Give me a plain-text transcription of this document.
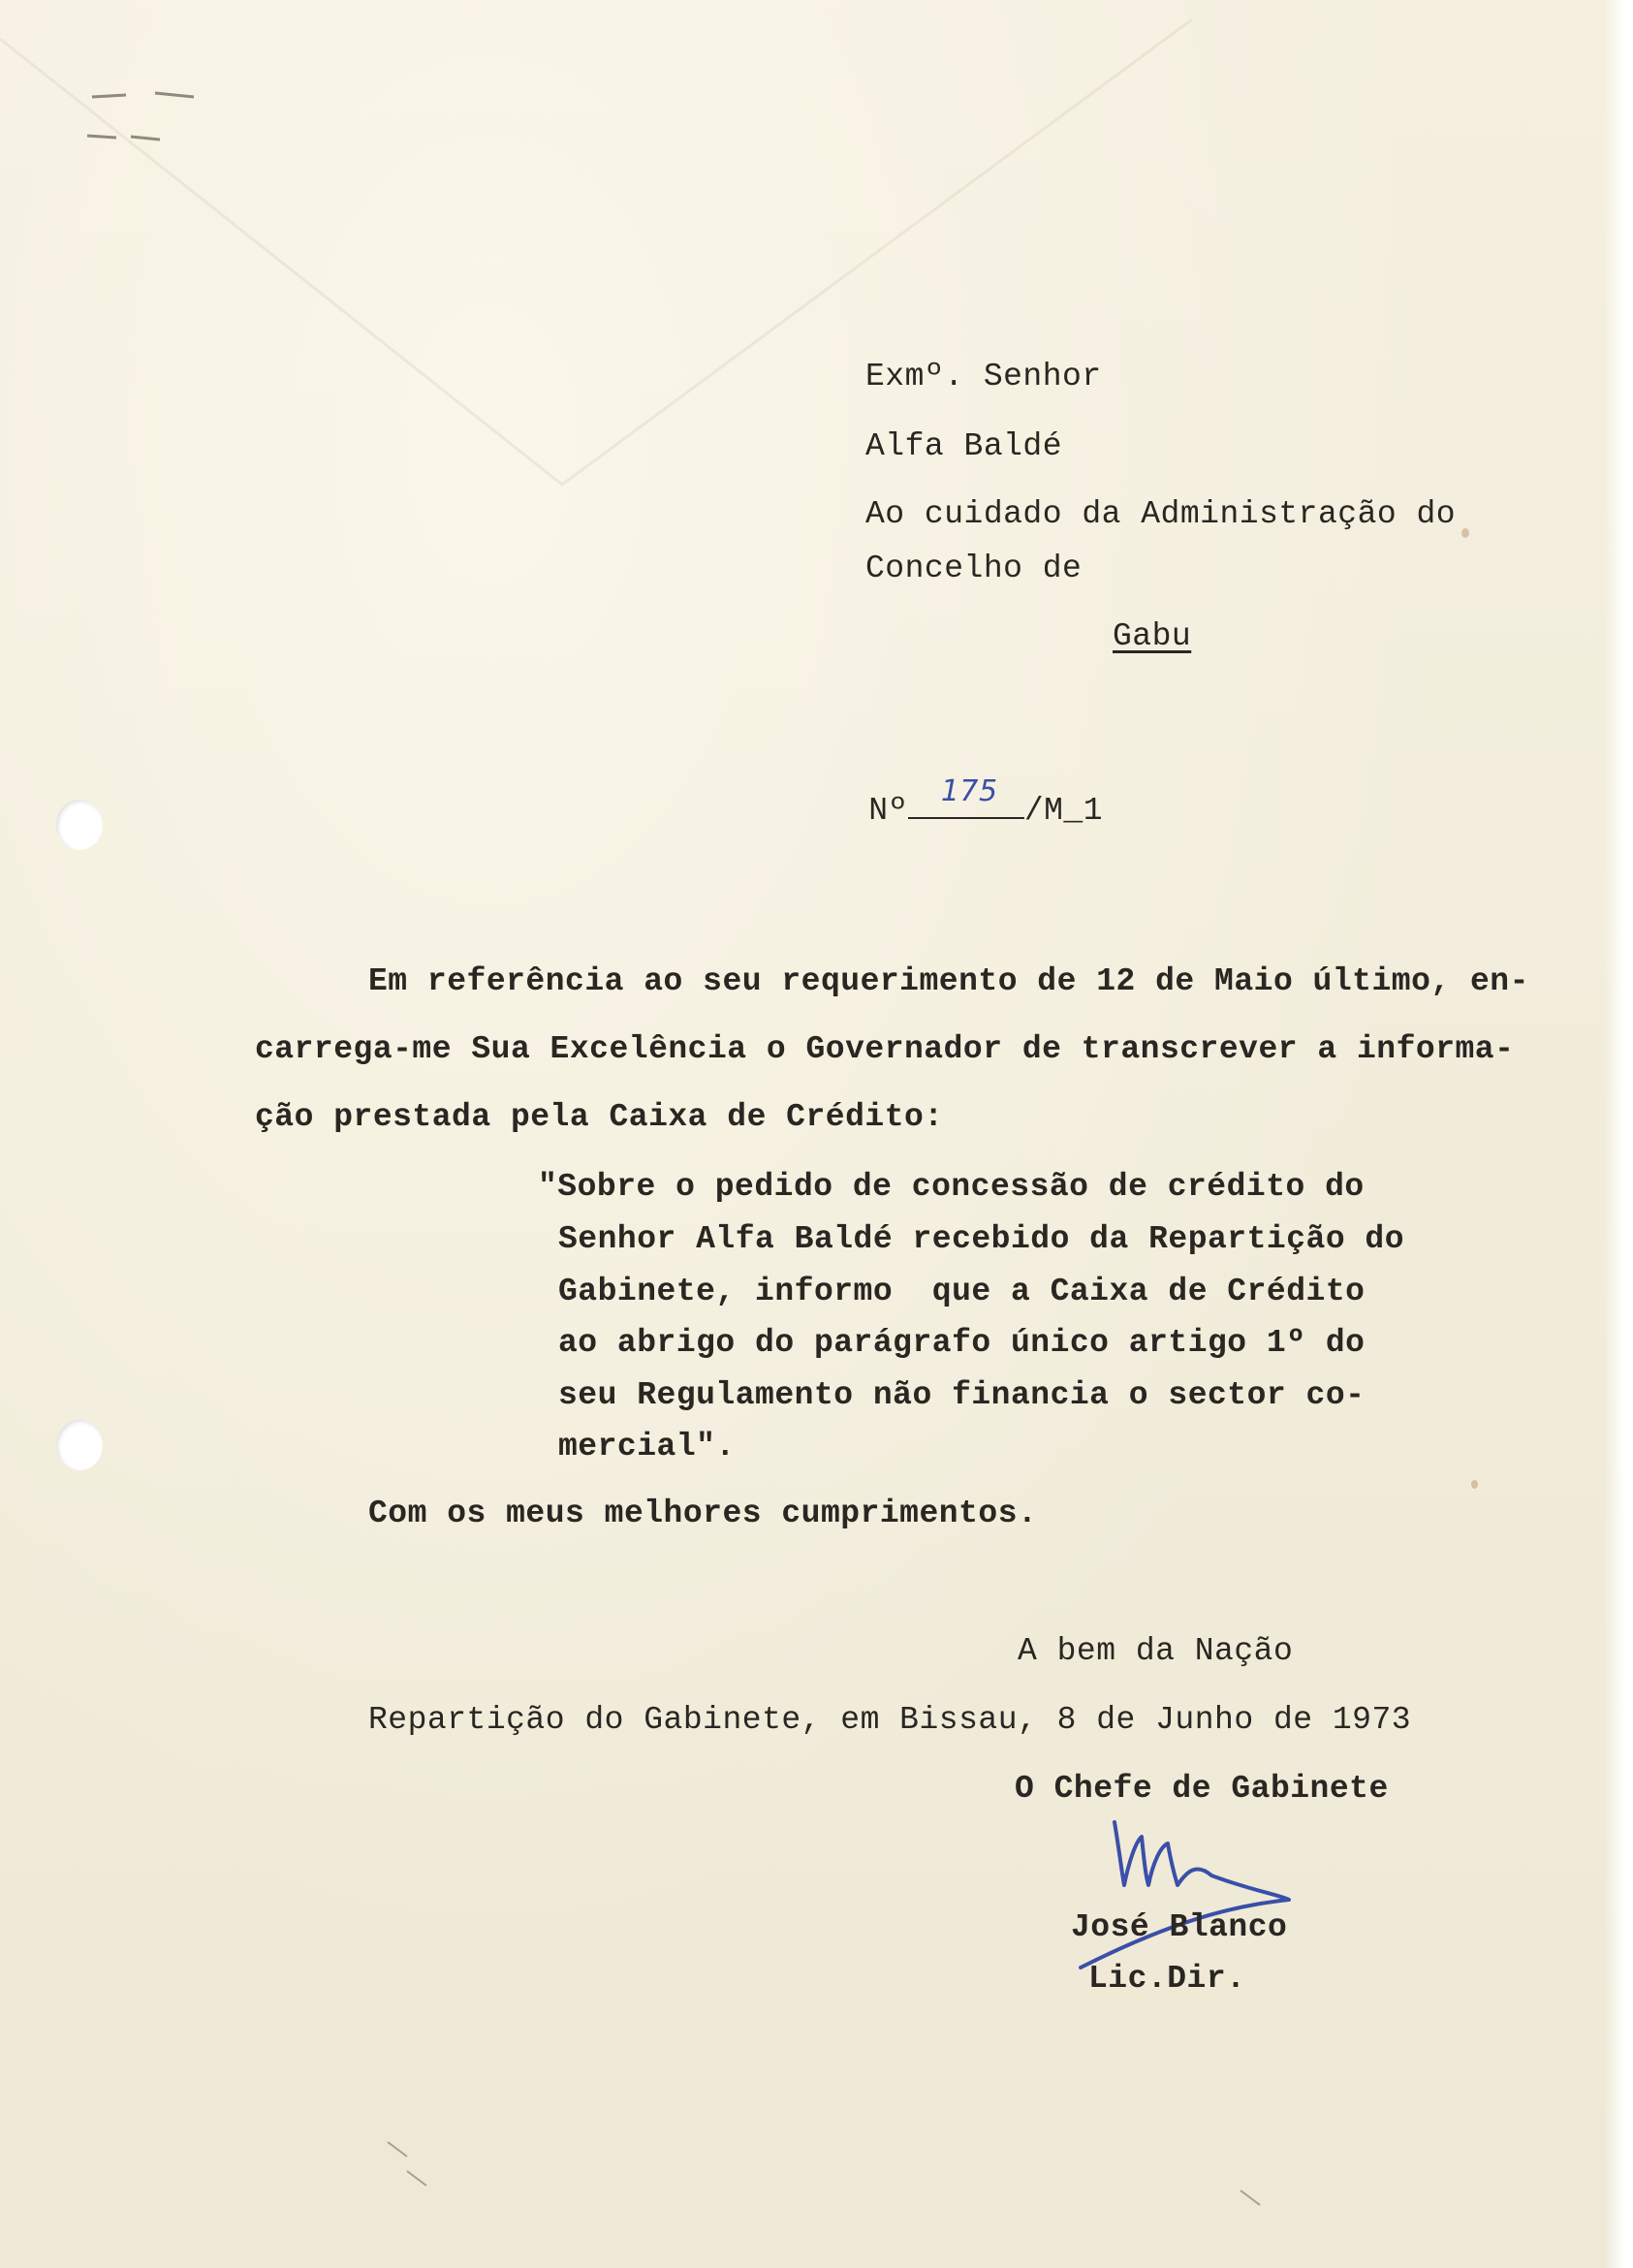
Exmº. Senhor
Alfa Baldé
Ao cuidado da Administração do
Concelho de
Gabu

Nº
175
/M_1

Em referência ao seu requerimento de 12 de Maio último, en-
carrega-me Sua Excelência o Governador de transcrever a informa-
ção prestada pela Caixa de Crédito:
"Sobre o pedido de concessão de crédito do
Senhor Alfa Baldé recebido da Repartição do
Gabinete, informo  que a Caixa de Crédito
ao abrigo do parágrafo único artigo 1º do
seu Regulamento não financia o sector co-
mercial".
Com os meus melhores cumprimentos.
A bem da Nação
Repartição do Gabinete, em Bissau, 8 de Junho de 1973
O Chefe de Gabinete
José Blanco
Lic.Dir.
